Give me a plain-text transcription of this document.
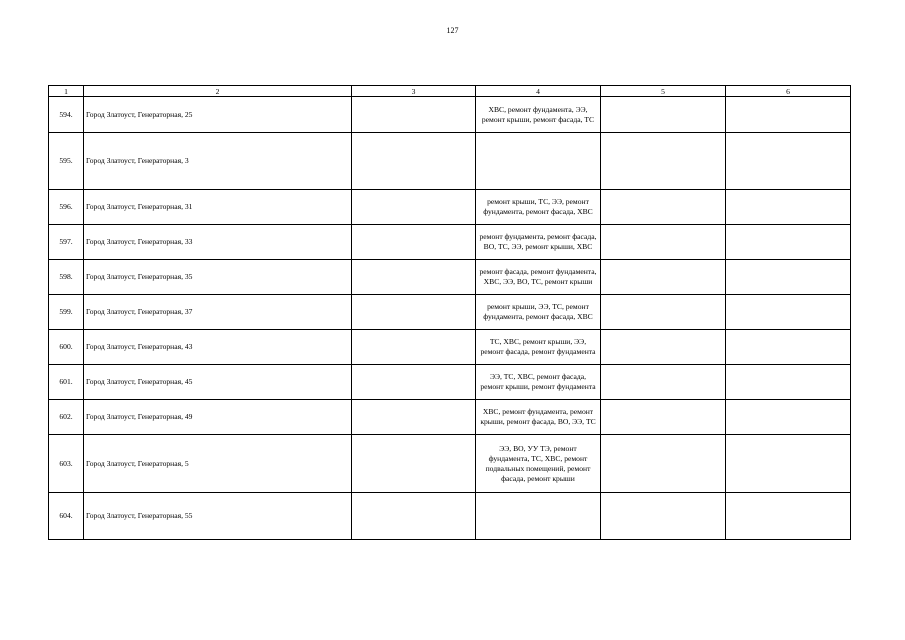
127
1	2	3	4	5	6
594.	Город Златоуст, Генераторная, 25		ХВС, ремонт фундамента, ЭЭ, ремонт крыши, ремонт фасада, ТС		
595.	Город Златоуст, Генераторная, 3				
596.	Город Златоуст, Генераторная, 31		ремонт крыши, ТС, ЭЭ, ремонт фундамента, ремонт фасада, ХВС		
597.	Город Златоуст, Генераторная, 33		ремонт фундамента, ремонт фасада, ВО, ТС, ЭЭ, ремонт крыши, ХВС		
598.	Город Златоуст, Генераторная, 35		ремонт фасада, ремонт фундамента, ХВС, ЭЭ, ВО, ТС, ремонт крыши		
599.	Город Златоуст, Генераторная, 37		ремонт крыши, ЭЭ, ТС, ремонт фундамента, ремонт фасада, ХВС		
600.	Город Златоуст, Генераторная, 43		ТС, ХВС, ремонт крыши, ЭЭ, ремонт фасада, ремонт фундамента		
601.	Город Златоуст, Генераторная, 45		ЭЭ, ТС, ХВС, ремонт фасада, ремонт крыши, ремонт фундамента		
602.	Город Златоуст, Генераторная, 49		ХВС, ремонт фундамента, ремонт крыши, ремонт фасада, ВО, ЭЭ, ТС		
603.	Город Златоуст, Генераторная, 5		ЭЭ, ВО, УУ ТЭ, ремонт фундамента, ТС, ХВС, ремонт подвальных помещений, ремонт фасада, ремонт крыши		
604.	Город Златоуст, Генераторная, 55				
